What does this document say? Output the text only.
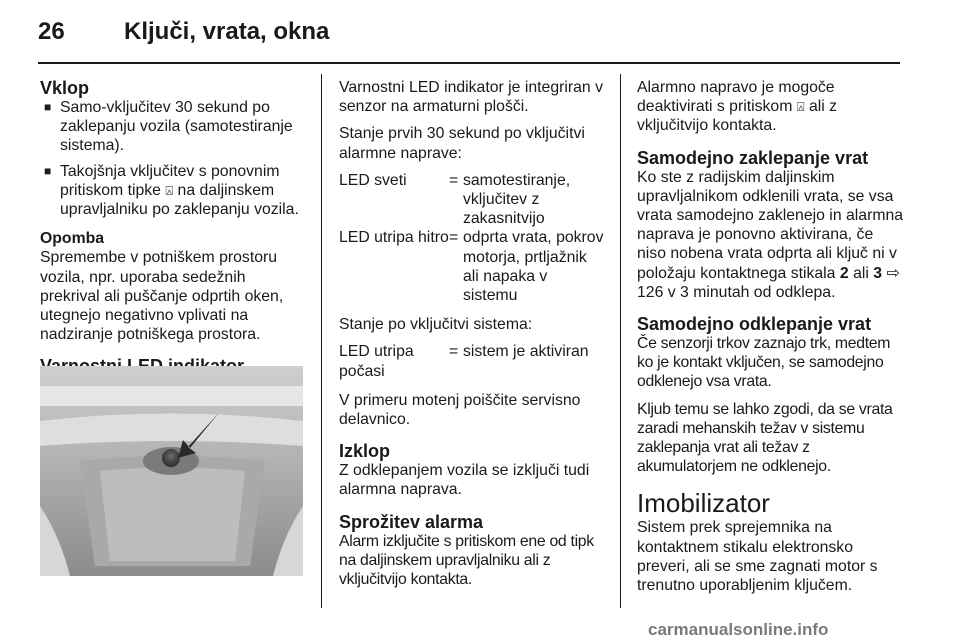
26 Ključi, vrata, okna
Vklop
■ Samo-vključitev 30 sekund po zaklepanju vozila (samotestiranje sistema).
■ Takojšnja vključitev s ponovnim pritiskom tipke ⍓ na daljinskem upravljalniku po zaklepanju vozila.
Opomba

Spremembe v potniškem prostoru vozila, npr. uporaba sedežnih prekrival ali puščanje odprtih oken, utegnejo negativno vplivati na nadziranje potniškega prostora.

Varnostni LED indikator je integriran v senzor na armaturni plošči.

Stanje prvih 30 sekund po vključitvi alarmne naprave:

LED sveti	= samotestiranje, vključitev z zakasnitvijo
LED utripa hitro = odprta vrata, pokrov motorja, prtljažnik ali napaka v sistemu

Stanje po vključitvi sistema:

LED utripa počasi
= sistem je aktiviran

V primeru motenj poiščite servisno delavnico.

Izklop

Z odklepanjem vozila se izključi tudi alarmna naprava.

Sprožitev alarma

Alarm izključite s pritiskom ene od tipk na daljinskem upravljalniku ali z vključitvijo kontakta.

Alarmno napravo je mogoče deaktivirati s pritiskom ⍓ ali z vključitvijo kontakta.

Samodejno zaklepanje vrat

Ko ste z radijskim daljinskim upravljalnikom odklenili vrata, se vsa vrata samodejno zaklenejo in alarmna naprava je ponovno aktivirana, če niso nobena vrata odprta ali ključ ni v položaju kontaktnega stikala 2 ali 3 ⇨ 126 v 3 minutah od odklepa.

Samodejno odklepanje vrat

Če senzorji trkov zaznajo trk, medtem ko je kontakt vključen, se samodejno odklenejo vsa vrata.

Kljub temu se lahko zgodi, da se vrata zaradi mehanskih težav v sistemu zaklepanja vrat ali težav z akumulatorjem ne odklenejo.

Imobilizator

Sistem prek sprejemnika na kontaktnem stikalu elektronsko preveri, ali se sme zagnati motor s trenutno uporabljenim ključem.

carmanualsonline.info
